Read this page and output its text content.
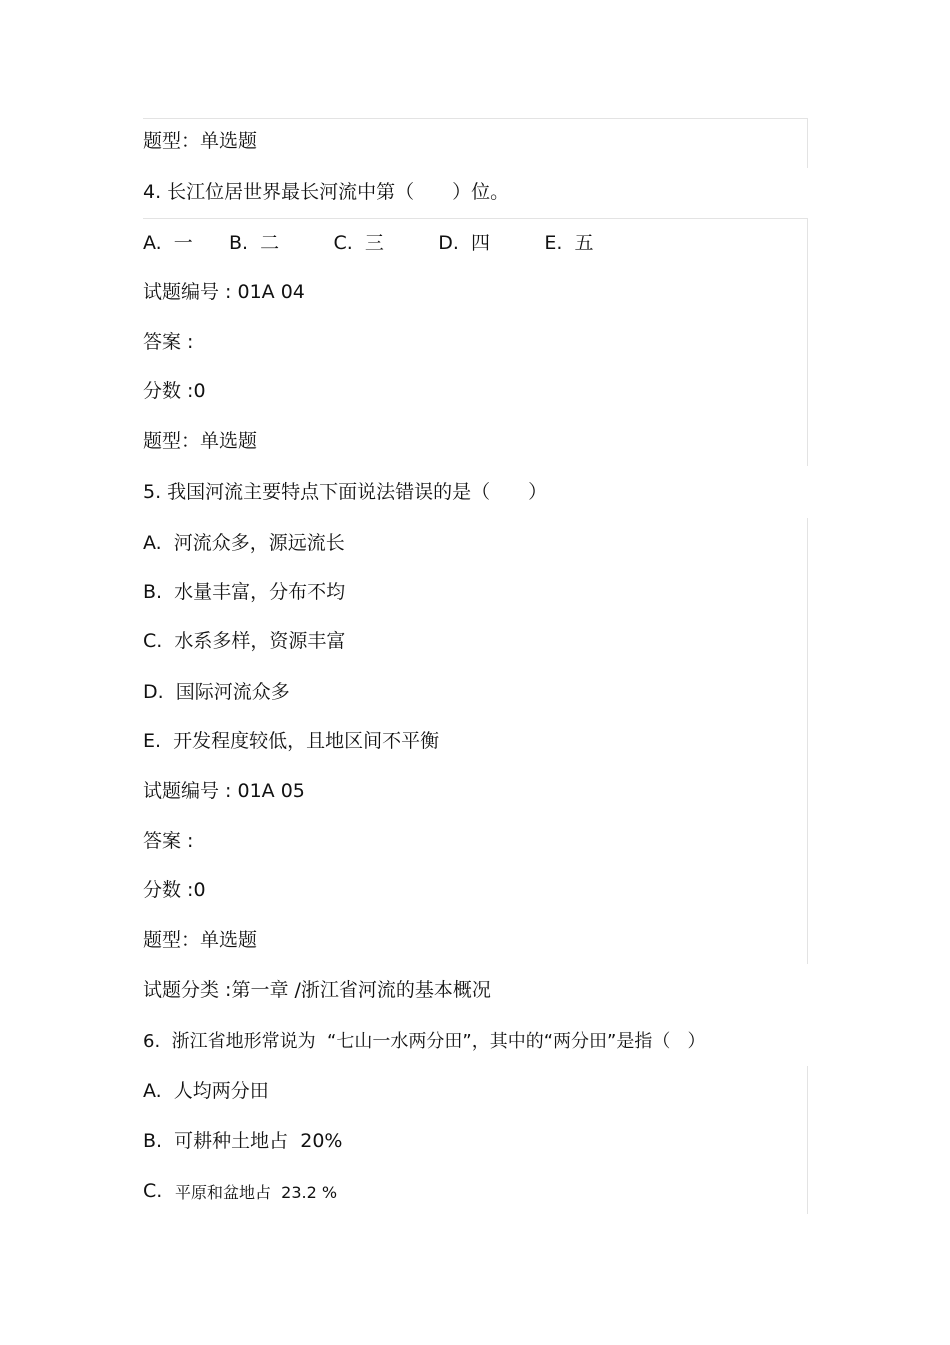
题型：单选题
4. 长江位居世界最长河流中第（　　）位。
A.  一      B.  二         C.  三         D.  四         E.  五
试题编号 : 01A 04
答案 :
分数 :0
题型：单选题
5. 我国河流主要特点下面说法错误的是（　　）
A.  河流众多，源远流长
B.  水量丰富，分布不均
C.  水系多样，资源丰富
D.  国际河流众多
E.  开发程度较低，且地区间不平衡
试题编号 : 01A 05
答案 :
分数 :0
题型：单选题
试题分类 :第一章 /浙江省河流的基本概况
6.  浙江省地形常说为  “七山一水两分田”，其中的“两分田”是指（   ）
A.  人均两分田
B.  可耕种土地占  20%
C. 平原和盆地占  23.2 %
